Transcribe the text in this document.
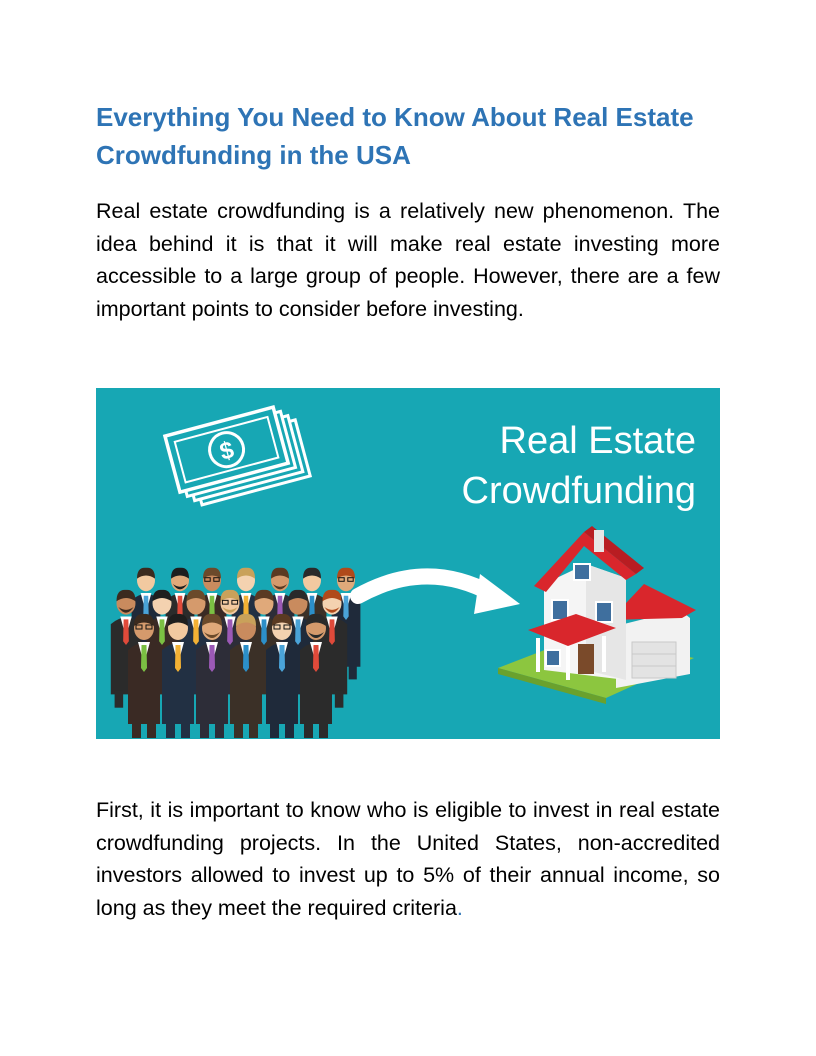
Everything You Need to Know About Real Estate Crowdfunding in the USA

Real estate crowdfunding is a relatively new phenomenon. The idea behind it is that it will make real estate investing more accessible to a large group of people. However, there are a few important points to consider before investing.

$	Real Estate
Crowdfunding

First, it is important to know who is eligible to invest in real estate crowdfunding projects. In the United States, non-accredited investors allowed to invest up to 5% of their annual income, so long as they meet the required criteria.
